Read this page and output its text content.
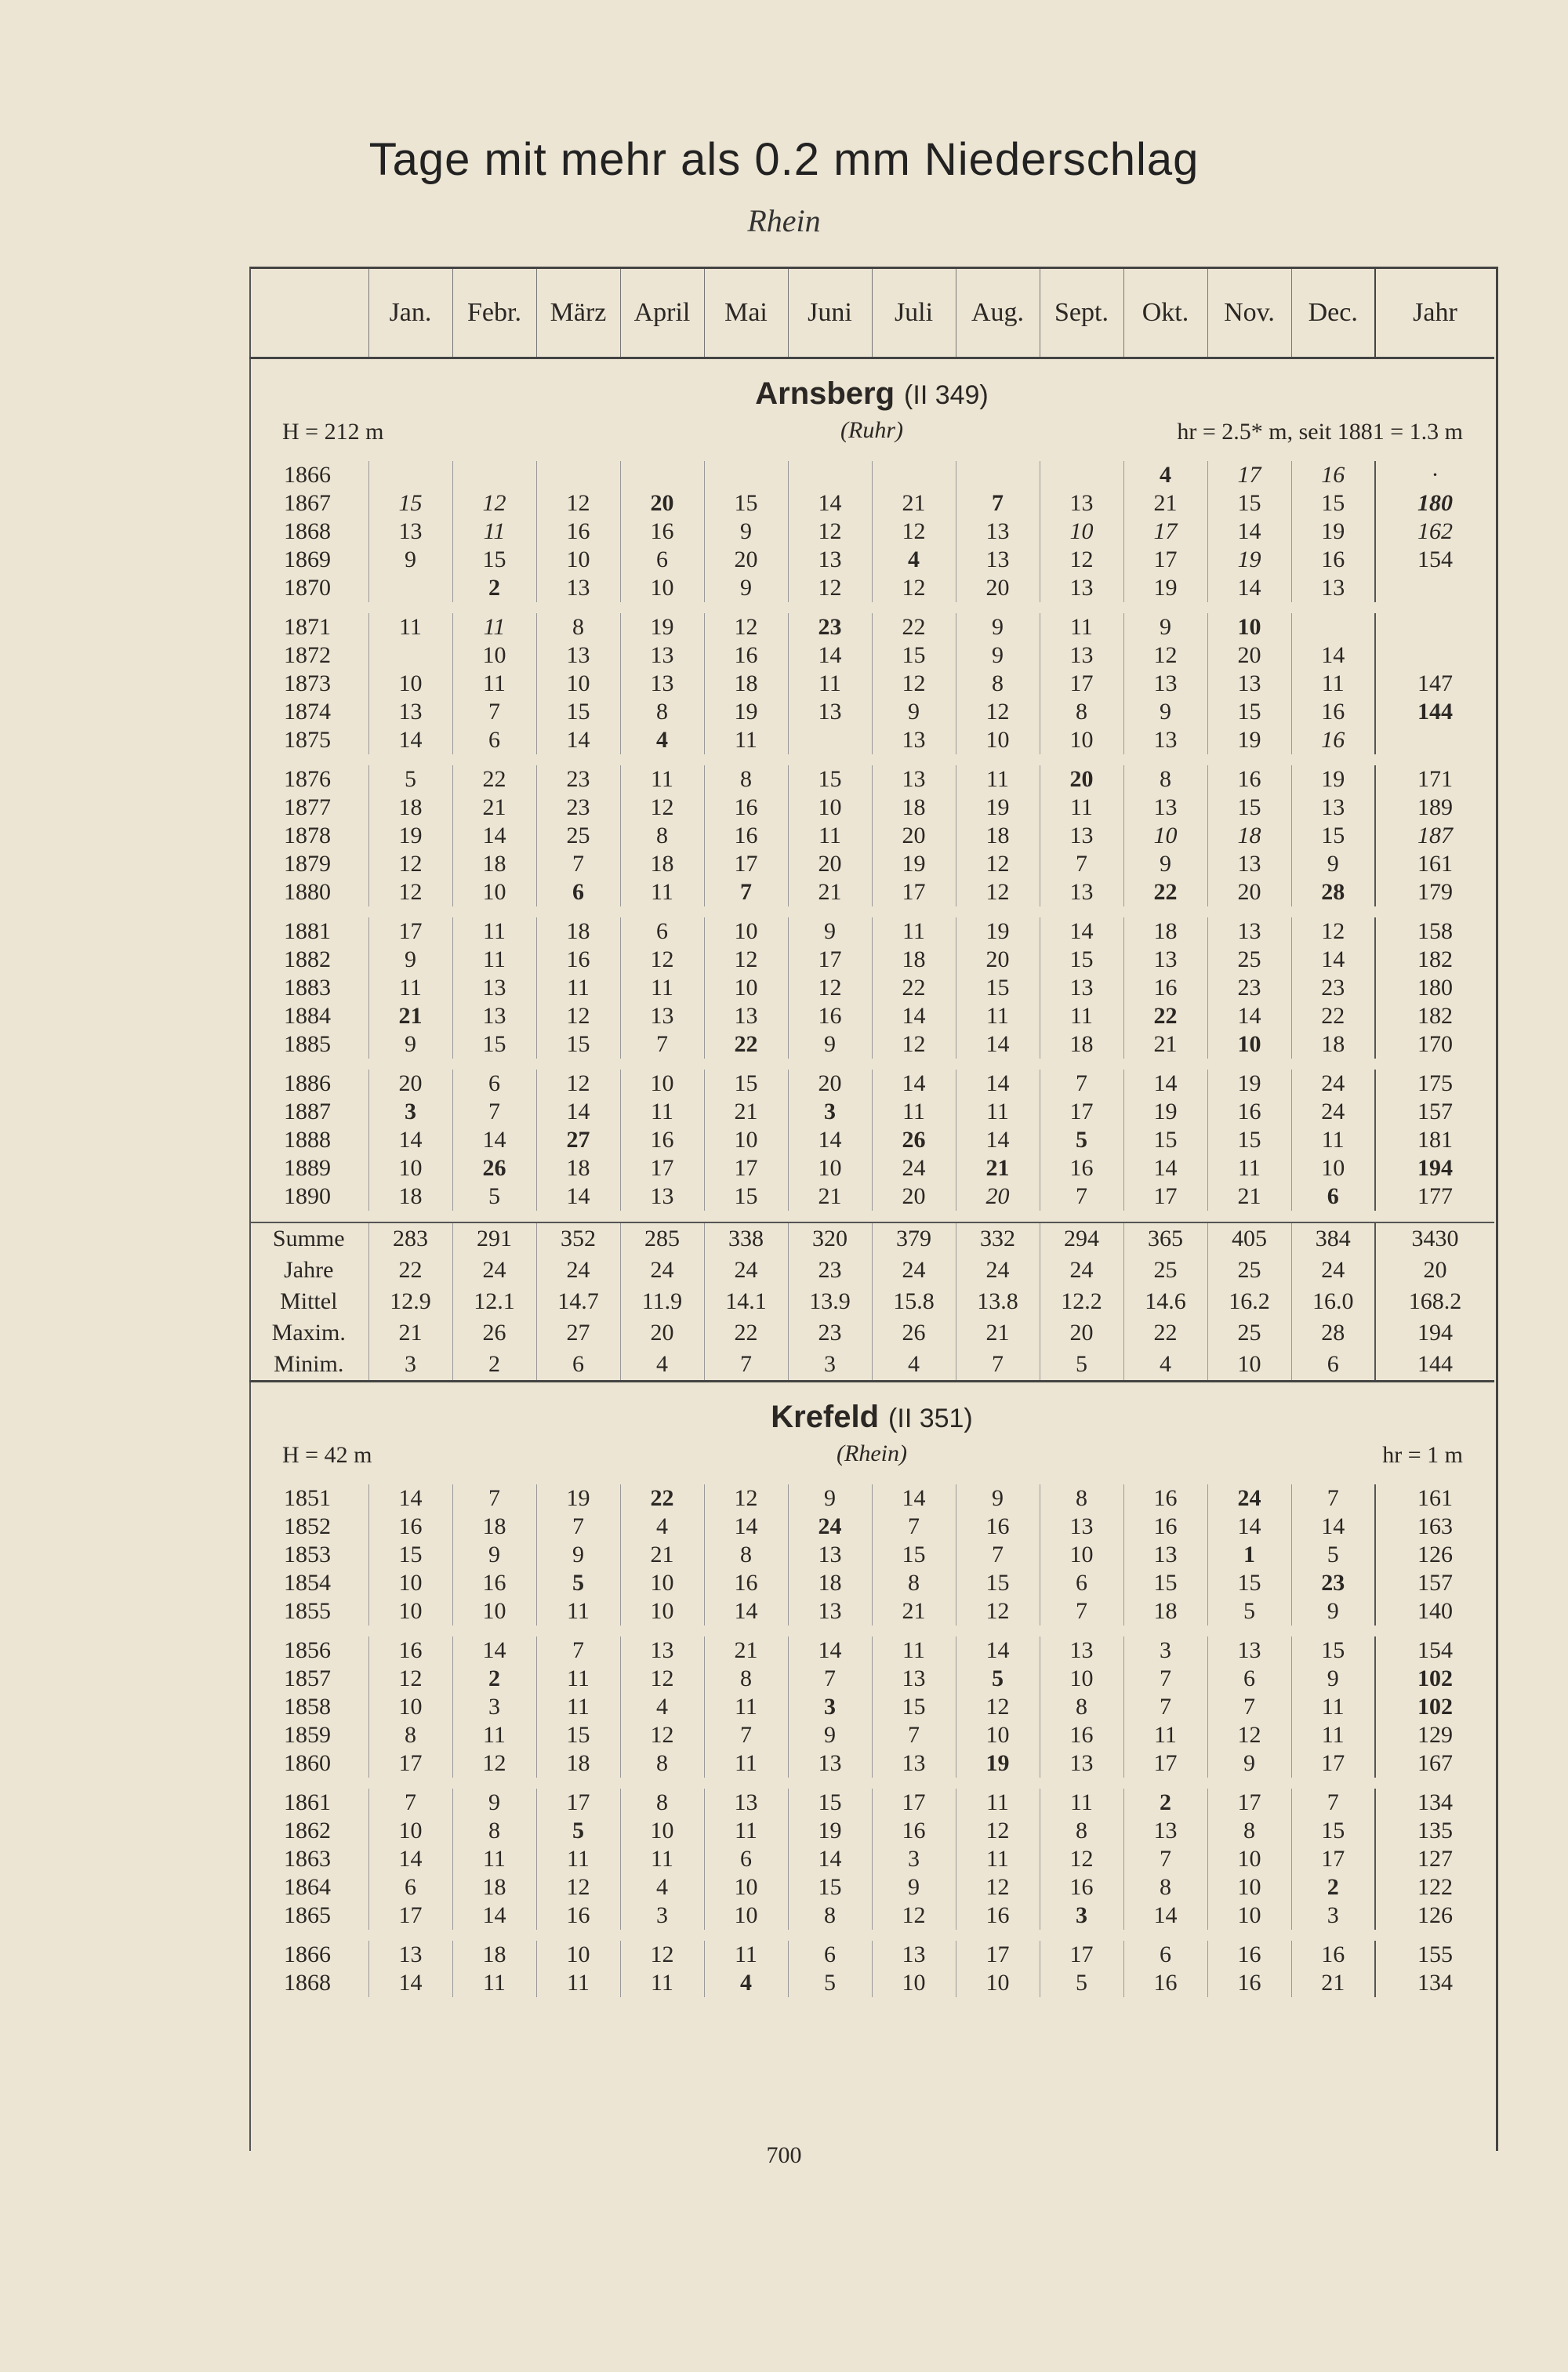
Tage mit mehr als 0.2 mm Niederschlag
Rhein
	Jan.	Febr.	März	April	Mai	Juni	Juli	Aug.	Sept.	Okt.	Nov.	Dec.	Jahr

Arnsberg (II 349)
(Ruhr)
H = 212 m hr = 2.5* m, seit 1881 = 1.3 m													

1866										4	17	16	·
1867	15	12	12	20	15	14	21	7	13	21	15	15	180
1868	13	11	16	16	9	12	12	13	10	17	14	19	162
1869	9	15	10	6	20	13	4	13	12	17	19	16	154
1870		2	13	10	9	12	12	20	13	19	14	13	

1871	11	11	8	19	12	23	22	9	11	9	10		
1872		10	13	13	16	14	15	9	13	12	20	14	
1873	10	11	10	13	18	11	12	8	17	13	13	11	147
1874	13	7	15	8	19	13	9	12	8	9	15	16	144
1875	14	6	14	4	11		13	10	10	13	19	16	

1876	5	22	23	11	8	15	13	11	20	8	16	19	171
1877	18	21	23	12	16	10	18	19	11	13	15	13	189
1878	19	14	25	8	16	11	20	18	13	10	18	15	187
1879	12	18	7	18	17	20	19	12	7	9	13	9	161
1880	12	10	6	11	7	21	17	12	13	22	20	28	179

1881	17	11	18	6	10	9	11	19	14	18	13	12	158
1882	9	11	16	12	12	17	18	20	15	13	25	14	182
1883	11	13	11	11	10	12	22	15	13	16	23	23	180
1884	21	13	12	13	13	16	14	11	11	22	14	22	182
1885	9	15	15	7	22	9	12	14	18	21	10	18	170

1886	20	6	12	10	15	20	14	14	7	14	19	24	175
1887	3	7	14	11	21	3	11	11	17	19	16	24	157
1888	14	14	27	16	10	14	26	14	5	15	15	11	181
1889	10	26	18	17	17	10	24	21	16	14	11	10	194
1890	18	5	14	13	15	21	20	20	7	17	21	6	177

Summe	283	291	352	285	338	320	379	332	294	365	405	384	3430
Jahre	22	24	24	24	24	23	24	24	24	25	25	24	20
Mittel	12.9	12.1	14.7	11.9	14.1	13.9	15.8	13.8	12.2	14.6	16.2	16.0	168.2
Maxim.	21	26	27	20	22	23	26	21	20	22	25	28	194
Minim.	3	2	6	4	7	3	4	7	5	4	10	6	144

Krefeld (II 351)
(Rhein)
H = 42 m hr = 1 m													

1851	14	7	19	22	12	9	14	9	8	16	24	7	161
1852	16	18	7	4	14	24	7	16	13	16	14	14	163
1853	15	9	9	21	8	13	15	7	10	13	1	5	126
1854	10	16	5	10	16	18	8	15	6	15	15	23	157
1855	10	10	11	10	14	13	21	12	7	18	5	9	140

1856	16	14	7	13	21	14	11	14	13	3	13	15	154
1857	12	2	11	12	8	7	13	5	10	7	6	9	102
1858	10	3	11	4	11	3	15	12	8	7	7	11	102
1859	8	11	15	12	7	9	7	10	16	11	12	11	129
1860	17	12	18	8	11	13	13	19	13	17	9	17	167

1861	7	9	17	8	13	15	17	11	11	2	17	7	134
1862	10	8	5	10	11	19	16	12	8	13	8	15	135
1863	14	11	11	11	6	14	3	11	12	7	10	17	127
1864	6	18	12	4	10	15	9	12	16	8	10	2	122
1865	17	14	16	3	10	8	12	16	3	14	10	3	126

1866	13	18	10	12	11	6	13	17	17	6	16	16	155
1868	14	11	11	11	4	5	10	10	5	16	16	21	134

700
